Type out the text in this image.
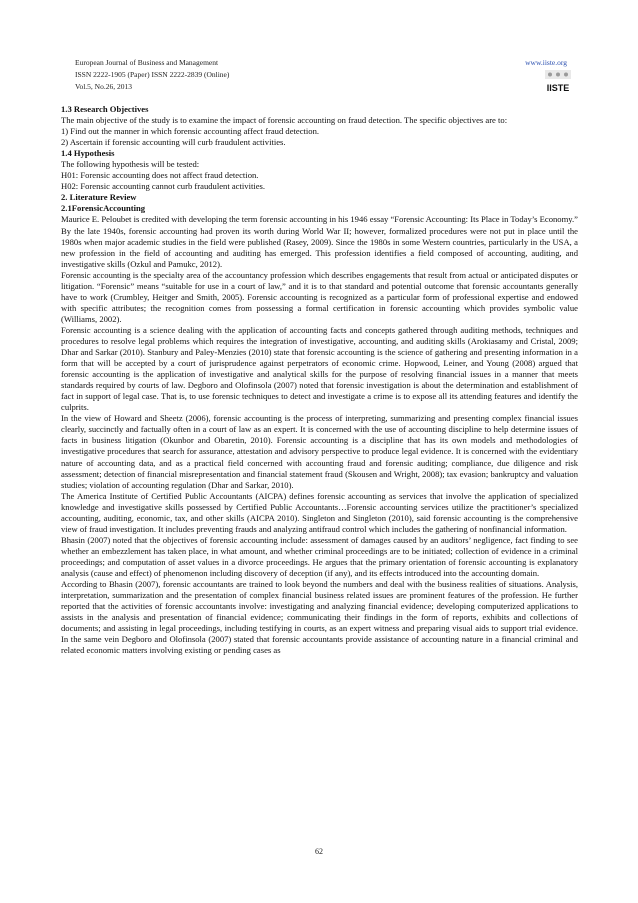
European Journal of Business and Management
ISSN 2222-1905 (Paper) ISSN 2222-2839 (Online)
Vol.5, No.26, 2013
www.iiste.org
IISTE

1.3 Research Objectives

The main objective of the study is to examine the impact of forensic accounting on fraud detection. The specific objectives are to:

1) Find out the manner in which forensic accounting affect fraud detection.

2) Ascertain if forensic accounting will curb fraudulent activities.

1.4 Hypothesis

The following hypothesis will be tested:

H01: Forensic accounting does not affect fraud detection.

H02: Forensic accounting cannot curb fraudulent activities.

2. Literature Review

2.1ForensicAccounting

Maurice E. Peloubet is credited with developing the term forensic accounting in his 1946 essay “Forensic Accounting: Its Place in Today’s Economy.” By the late 1940s, forensic accounting had proven its worth during World War II; however, formalized procedures were not put in place until the 1980s when major academic studies in the field were published (Rasey, 2009). Since the 1980s in some Western countries, particularly in the USA, a new profession in the field of accounting and auditing has emerged. This profession identifies a field composed of accounting, auditing, and investigative skills (Ozkul and Pamukc, 2012).

Forensic accounting is the specialty area of the accountancy profession which describes engagements that result from actual or anticipated disputes or litigation. “Forensic” means “suitable for use in a court of law,” and it is to that standard and potential outcome that forensic accountants generally have to work (Crumbley, Heitger and Smith, 2005). Forensic accounting is recognized as a particular form of professional expertise and endowed with specific attributes; the recognition comes from possessing a formal certification in forensic accounting which provides symbolic value (Williams, 2002).

Forensic accounting is a science dealing with the application of accounting facts and concepts gathered through auditing methods, techniques and procedures to resolve legal problems which requires the integration of investigative, accounting, and auditing skills (Arokiasamy and Cristal, 2009; Dhar and Sarkar (2010). Stanbury and Paley-Menzies (2010) state that forensic accounting is the science of gathering and presenting information in a form that will be accepted by a court of jurisprudence against perpetrators of economic crime. Hopwood, Leiner, and Young (2008) argued that forensic accounting is the application of investigative and analytical skills for the purpose of resolving financial issues in a manner that meets standards required by courts of law. Degboro and Olofinsola (2007) noted that forensic investigation is about the determination and establishment of fact in support of legal case. That is, to use forensic techniques to detect and investigate a crime is to expose all its attending features and identify the culprits.

In the view of Howard and Sheetz (2006), forensic accounting is the process of interpreting, summarizing and presenting complex financial issues clearly, succinctly and factually often in a court of law as an expert. It is concerned with the use of accounting discipline to help determine issues of facts in business litigation (Okunbor and Obaretin, 2010). Forensic accounting is a discipline that has its own models and methodologies of investigative procedures that search for assurance, attestation and advisory perspective to produce legal evidence. It is concerned with the evidentiary nature of accounting data, and as a practical field concerned with accounting fraud and forensic auditing; compliance, due diligence and risk assessment; detection of financial misrepresentation and financial statement fraud (Skousen and Wright, 2008); tax evasion; bankruptcy and valuation studies; violation of accounting regulation (Dhar and Sarkar, 2010).

The America Institute of Certified Public Accountants (AICPA) defines forensic accounting as services that involve the application of specialized knowledge and investigative skills possessed by Certified Public Accountants…Forensic accounting services utilize the practitioner’s specialized accounting, auditing, economic, tax, and other skills (AICPA 2010). Singleton and Singleton (2010), said forensic accounting is the comprehensive view of fraud investigation. It includes preventing frauds and analyzing antifraud control which includes the gathering of nonfinancial information.

Bhasin (2007) noted that the objectives of forensic accounting include: assessment of damages caused by an auditors’ negligence, fact finding to see whether an embezzlement has taken place, in what amount, and whether criminal proceedings are to be initiated; collection of evidence in a criminal proceedings; and computation of asset values in a divorce proceedings. He argues that the primary orientation of forensic accounting is explanatory analysis (cause and effect) of phenomenon including discovery of deception (if any), and its effects introduced into the accounting domain.

According to Bhasin (2007), forensic accountants are trained to look beyond the numbers and deal with the business realities of situations. Analysis, interpretation, summarization and the presentation of complex financial business related issues are prominent features of the profession. He further reported that the activities of forensic accountants involve: investigating and analyzing financial evidence; developing computerized applications to assists in the analysis and presentation of financial evidence; communicating their findings in the form of reports, exhibits and collections of documents; and assisting in legal proceedings, including testifying in courts, as an expert witness and preparing visual aids to support trial evidence. In the same vein Degboro and Olofinsola (2007) stated that forensic accountants provide assistance of accounting nature in a financial criminal and related economic matters involving existing or pending cases as

62
